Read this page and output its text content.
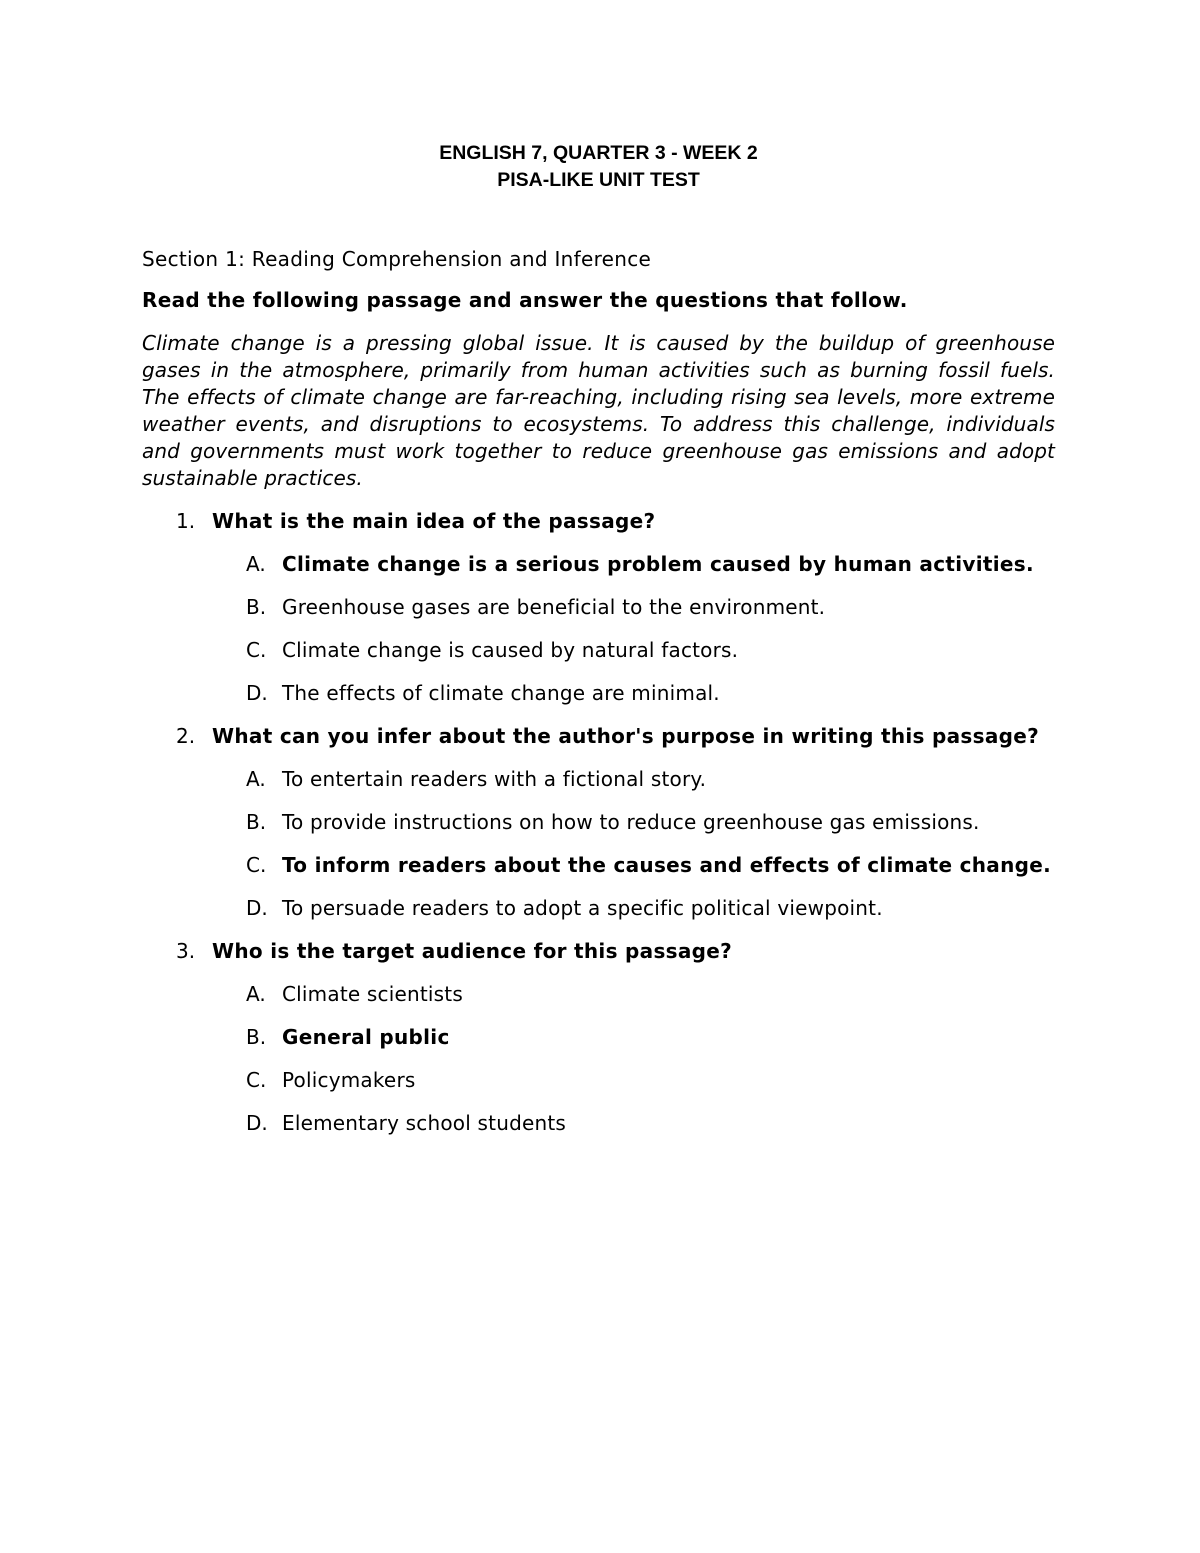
ENGLISH 7, QUARTER 3 - WEEK 2

PISA-LIKE UNIT TEST

Section 1: Reading Comprehension and Inference

Read the following passage and answer the questions that follow.

Climate change is a pressing global issue. It is caused by the buildup of greenhouse gases in the atmosphere, primarily from human activities such as burning fossil fuels. The effects of climate change are far-reaching, including rising sea levels, more extreme weather events, and disruptions to ecosystems. To address this challenge, individuals and governments must work together to reduce greenhouse gas emissions and adopt sustainable practices.

1. What is the main idea of the passage?

A. Climate change is a serious problem caused by human activities.
B. Greenhouse gases are beneficial to the environment.
C. Climate change is caused by natural factors.
D. The effects of climate change are minimal.
2. What can you infer about the author's purpose in writing this passage?

A. To entertain readers with a fictional story.
B. To provide instructions on how to reduce greenhouse gas emissions.
C. To inform readers about the causes and effects of climate change.
D. To persuade readers to adopt a specific political viewpoint.
3. Who is the target audience for this passage?

A. Climate scientists
B. General public
C. Policymakers
D. Elementary school students
